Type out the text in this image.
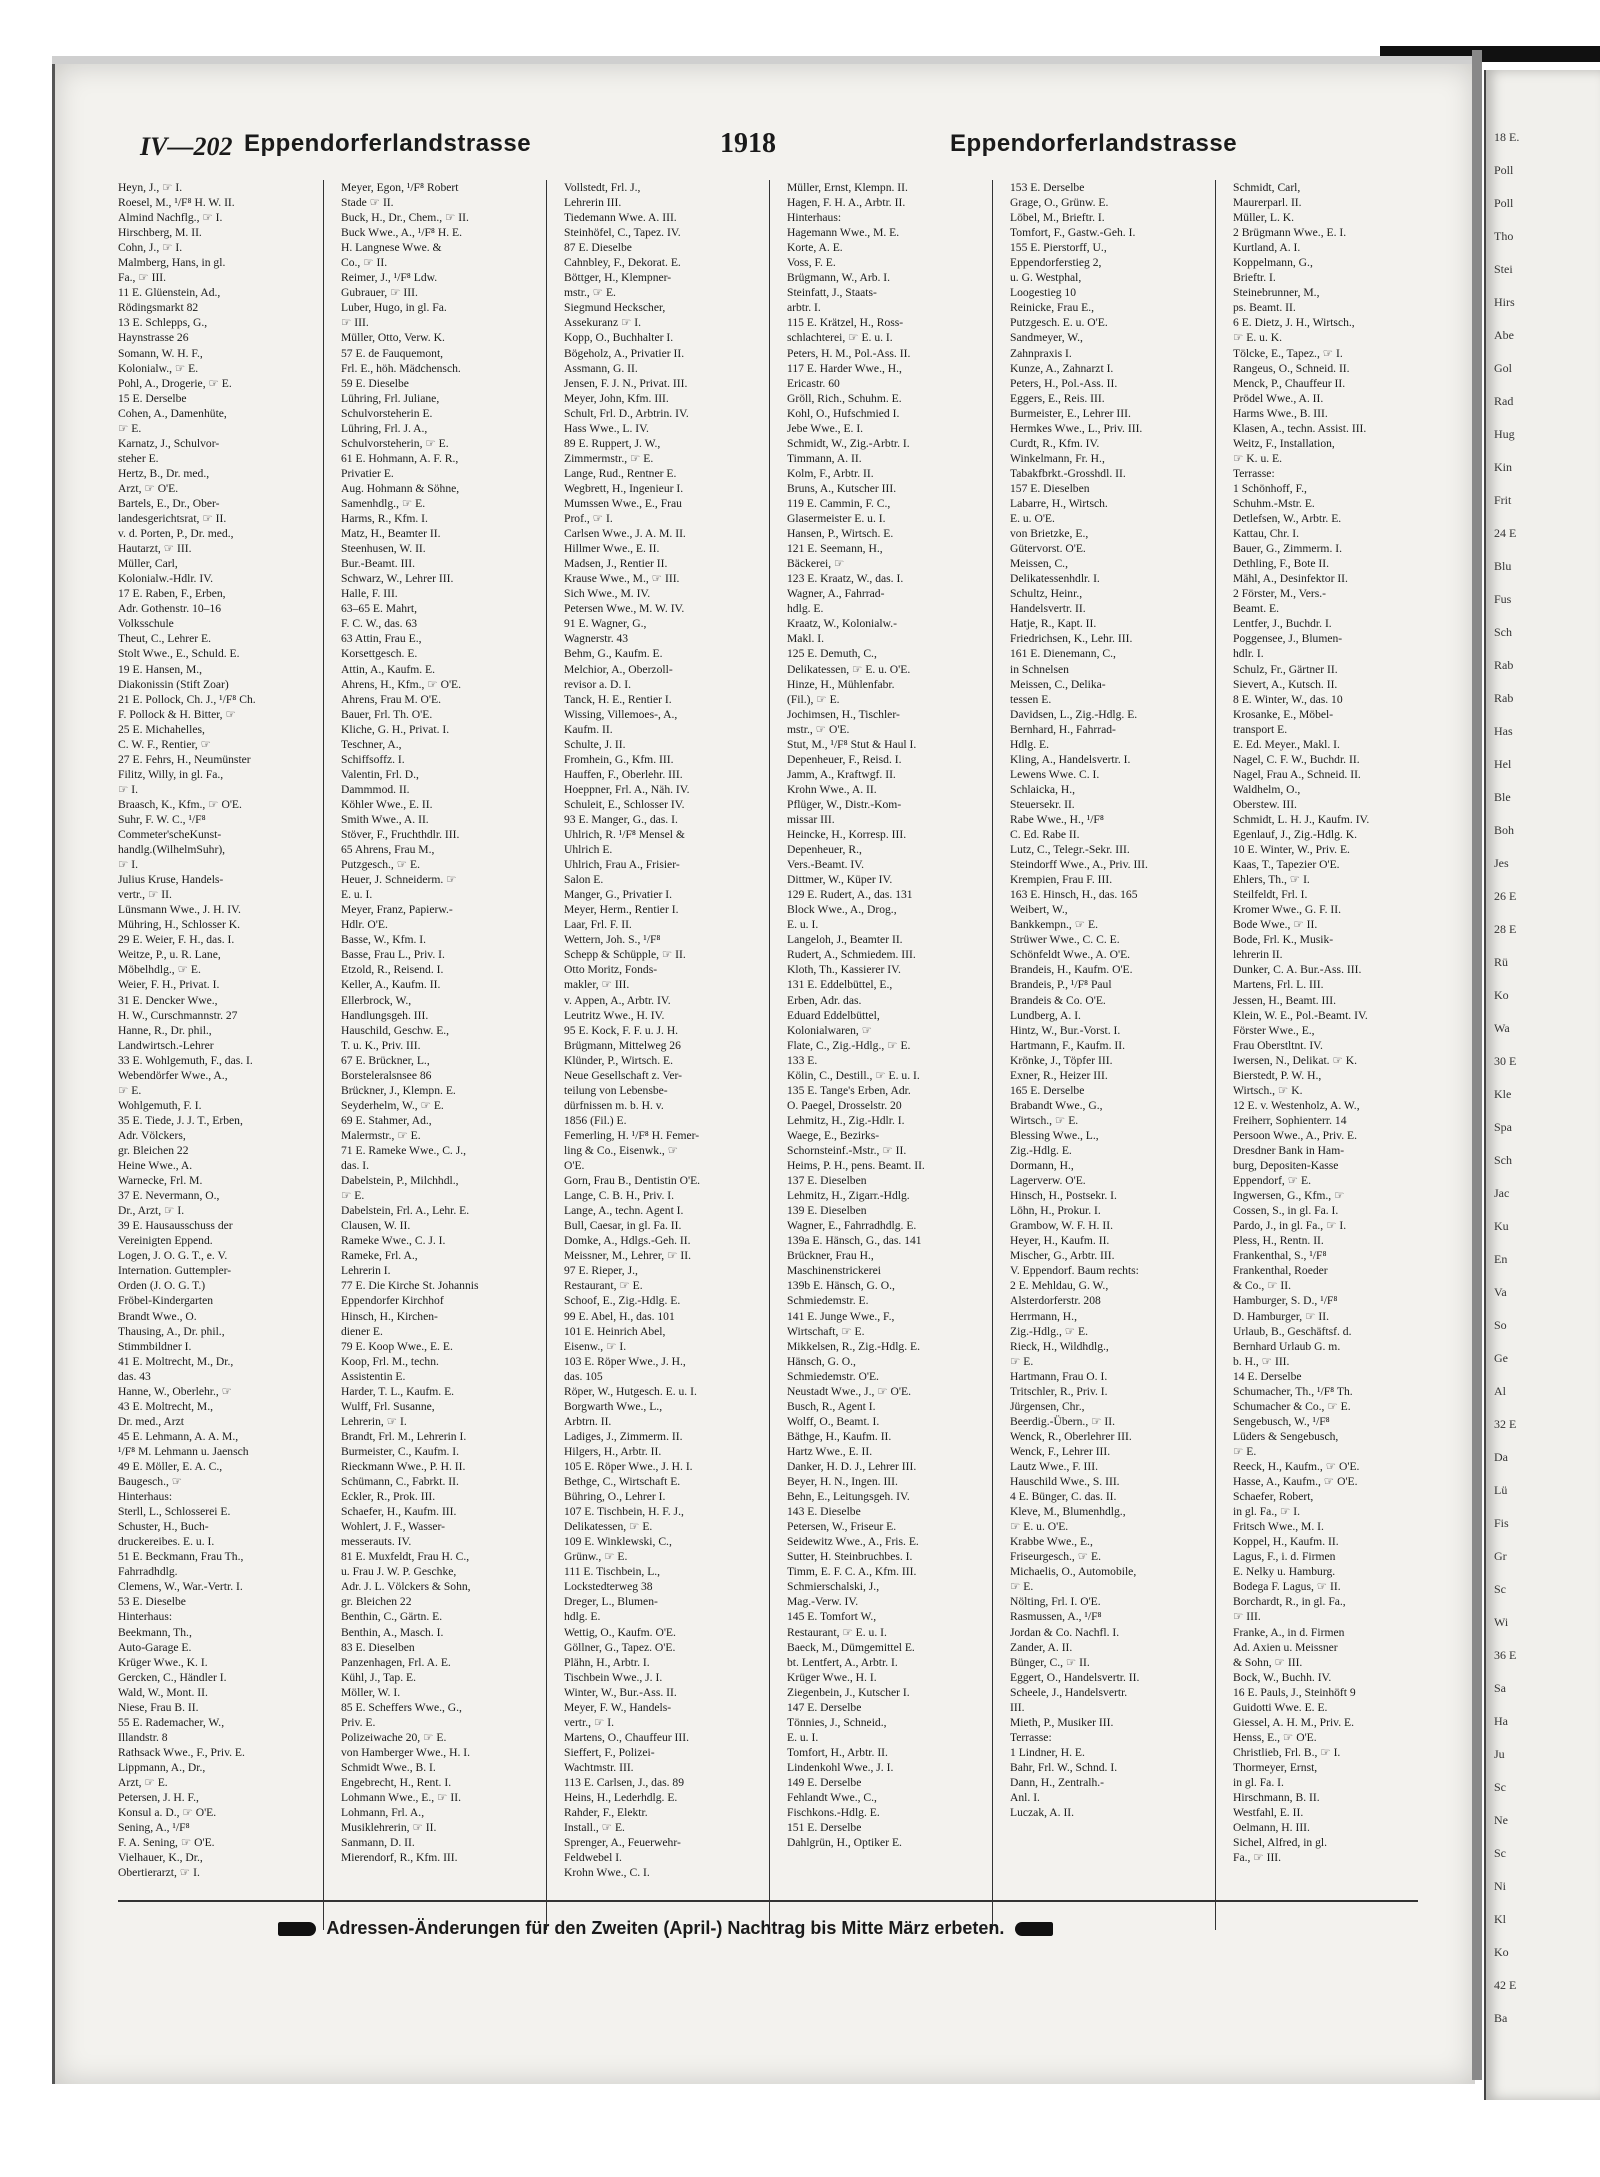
18 E.
Poll
Poll
Tho
Stei
Hirs
Abe
Gol
Rad
Hug
Kin
Frit
24 E
Blu
Fus
Sch
Rab
Rab
Has
Hel
Ble
Boh
Jes
26 E
28 E
Rü
Ko
Wa
30 E
Kle
Spa
Sch
Jac
Ku
En
Va
So
Ge
Al
32 E
Da
Lü
Fis
Gr
Sc
Wi
36 E
Sa
Ha
Ju
Sc
Ne
Sc
Ni
Kl
Ko
42 E
Ba
IV—202 Eppendorferlandstrasse	1918	Eppendorferlandstrasse
Heyn, J., ☞ I.
Roesel, M., ¹/F⁸ H. W. II.
Almind Nachflg., ☞ I.
Hirschberg, M. II.
Cohn, J., ☞ I.
Malmberg, Hans, in gl.
Fa., ☞ III.
11 E. Glüenstein, Ad.,
Rödingsmarkt 82
13 E. Schlepps, G.,
Haynstrasse 26
Somann, W. H. F.,
Kolonialw., ☞ E.
Pohl, A., Drogerie, ☞ E.
15 E. Derselbe
Cohen, A., Damenhüte,
☞ E.
Karnatz, J., Schulvor-
steher E.
Hertz, B., Dr. med.,
Arzt, ☞ O'E.
Bartels, E., Dr., Ober-
landesgerichtsrat, ☞ II.
v. d. Porten, P., Dr. med.,
Hautarzt, ☞ III.
Müller, Carl,
Kolonialw.-Hdlr. IV.
17 E. Raben, F., Erben,
Adr. Gothenstr. 10–16
Volksschule
Theut, C., Lehrer E.
Stolt Wwe., E., Schuld. E.
19 E. Hansen, M.,
Diakonissin (Stift Zoar)
21 E. Pollock, Ch. J., ¹/F⁸ Ch.
F. Pollock & H. Bitter, ☞
25 E. Michahelles,
C. W. F., Rentier, ☞
27 E. Fehrs, H., Neumünster
Filitz, Willy, in gl. Fa.,
☞ I.
Braasch, K., Kfm., ☞ O'E.
Suhr, F. W. C., ¹/F⁸
Commeter'scheKunst-
handlg.(WilhelmSuhr),
☞ I.
Julius Kruse, Handels-
vertr., ☞ II.
Lünsmann Wwe., J. H. IV.
Mühring, H., Schlosser K.
29 E. Weier, F. H., das. I.
Weitze, P., u. R. Lane,
Möbelhdlg., ☞ E.
Weier, F. H., Privat. I.
31 E. Dencker Wwe.,
H. W., Curschmannstr. 27
Hanne, R., Dr. phil.,
Landwirtsch.-Lehrer
33 E. Wohlgemuth, F., das. I.
Webendörfer Wwe., A.,
☞ E.
Wohlgemuth, F. I.
35 E. Tiede, J. J. T., Erben,
Adr. Völckers,
gr. Bleichen 22
Heine Wwe., A.
Warnecke, Frl. M.
37 E. Nevermann, O.,
Dr., Arzt, ☞ I.
39 E. Hausausschuss der
Vereinigten Eppend.
Logen, J. O. G. T., e. V.
Internation. Guttempler-
Orden (J. O. G. T.)
Fröbel-Kindergarten
Brandt Wwe., O.
Thausing, A., Dr. phil.,
Stimmbildner I.
41 E. Moltrecht, M., Dr.,
das. 43
Hanne, W., Oberlehr., ☞
43 E. Moltrecht, M.,
Dr. med., Arzt
45 E. Lehmann, A. A. M.,
¹/F⁸ M. Lehmann u. Jaensch
49 E. Möller, E. A. C.,
Baugesch., ☞
Hinterhaus:
Sterll, L., Schlosserei E.
Schuster, H., Buch-
druckereibes. E. u. I.
51 E. Beckmann, Frau Th.,
Fahrradhdlg.
Clemens, W., War.-Vertr. I.
53 E. Dieselbe
Hinterhaus:
Beekmann, Th.,
Auto-Garage E.
Krüger Wwe., K. I.
Gercken, C., Händler I.
Wald, W., Mont. II.
Niese, Frau B. II.
55 E. Rademacher, W.,
Illandstr. 8
Rathsack Wwe., F., Priv. E.
Lippmann, A., Dr.,
Arzt, ☞ E.
Petersen, J. H. F.,
Konsul a. D., ☞ O'E.
Sening, A., ¹/F⁸
F. A. Sening, ☞ O'E.
Vielhauer, K., Dr.,
Obertierarzt, ☞ I.
Meyer, Egon, ¹/F⁸ Robert
Stade ☞ II.
Buck, H., Dr., Chem., ☞ II.
Buck Wwe., A., ¹/F⁸ H. E.
H. Langnese Wwe. &
Co., ☞ II.
Reimer, J., ¹/F⁸ Ldw.
Gubrauer, ☞ III.
Luber, Hugo, in gl. Fa.
☞ III.
Müller, Otto, Verw. K.
57 E. de Fauquemont,
Frl. E., höh. Mädchensch.
59 E. Dieselbe
Lühring, Frl. Juliane,
Schulvorsteherin E.
Lühring, Frl. J. A.,
Schulvorsteherin, ☞ E.
61 E. Hohmann, A. F. R.,
Privatier E.
Aug. Hohmann & Söhne,
Samenhdlg., ☞ E.
Harms, R., Kfm. I.
Matz, H., Beamter II.
Steenhusen, W. II.
Bur.-Beamt. III.
Schwarz, W., Lehrer III.
Halle, F. III.
63–65 E. Mahrt,
F. C. W., das. 63
63 Attin, Frau E.,
Korsettgesch. E.
Attin, A., Kaufm. E.
Ahrens, H., Kfm., ☞ O'E.
Ahrens, Frau M. O'E.
Bauer, Frl. Th. O'E.
Kliche, G. H., Privat. I.
Teschner, A.,
Schiffsoffz. I.
Valentin, Frl. D.,
Dammmod. II.
Köhler Wwe., E. II.
Smith Wwe., A. II.
Stöver, F., Fruchthdlr. III.
65 Ahrens, Frau M.,
Putzgesch., ☞ E.
Heuer, J. Schneiderm. ☞
E. u. I.
Meyer, Franz, Papierw.-
Hdlr. O'E.
Basse, W., Kfm. I.
Basse, Frau L., Priv. I.
Etzold, R., Reisend. I.
Keller, A., Kaufm. II.
Ellerbrock, W.,
Handlungsgeh. III.
Hauschild, Geschw. E.,
T. u. K., Priv. III.
67 E. Brückner, L.,
Borsteleralsnsee 86
Brückner, J., Klempn. E.
Seyderhelm, W., ☞ E.
69 E. Stahmer, Ad.,
Malermstr., ☞ E.
71 E. Rameke Wwe., C. J.,
das. I.
Dabelstein, P., Milchhdl.,
☞ E.
Dabelstein, Frl. A., Lehr. E.
Clausen, W. II.
Rameke Wwe., C. J. I.
Rameke, Frl. A.,
Lehrerin I.
77 E. Die Kirche St. Johannis
Eppendorfer Kirchhof
Hinsch, H., Kirchen-
diener E.
79 E. Koop Wwe., E. E.
Koop, Frl. M., techn.
Assistentin E.
Harder, T. L., Kaufm. E.
Wulff, Frl. Susanne,
Lehrerin, ☞ I.
Brandt, Frl. M., Lehrerin I.
Burmeister, C., Kaufm. I.
Rieckmann Wwe., P. H. II.
Schümann, C., Fabrkt. II.
Eckler, R., Prok. III.
Schaefer, H., Kaufm. III.
Wohlert, J. F., Wasser-
messerauts. IV.
81 E. Muxfeldt, Frau H. C.,
u. Frau J. W. P. Geschke,
Adr. J. L. Völckers & Sohn,
gr. Bleichen 22
Benthin, C., Gärtn. E.
Benthin, A., Masch. I.
83 E. Dieselben
Panzenhagen, Frl. A. E.
Kühl, J., Tap. E.
Möller, W. I.
85 E. Scheffers Wwe., G.,
Priv. E.
Polizeiwache 20, ☞ E.
von Hamberger Wwe., H. I.
Schmidt Wwe., B. I.
Engebrecht, H., Rent. I.
Lohmann Wwe., E., ☞ II.
Lohmann, Frl. A.,
Musiklehrerin, ☞ II.
Sanmann, D. II.
Mierendorf, R., Kfm. III.
Vollstedt, Frl. J.,
Lehrerin III.
Tiedemann Wwe. A. III.
Steinhöfel, C., Tapez. IV.
87 E. Dieselbe
Cahnbley, F., Dekorat. E.
Böttger, H., Klempner-
mstr., ☞ E.
Siegmund Heckscher,
Assekuranz ☞ I.
Kopp, O., Buchhalter I.
Bögeholz, A., Privatier II.
Assmann, G. II.
Jensen, F. J. N., Privat. III.
Meyer, John, Kfm. III.
Schult, Frl. D., Arbtrin. IV.
Hass Wwe., L. IV.
89 E. Ruppert, J. W.,
Zimmermstr., ☞ E.
Lange, Rud., Rentner E.
Wegbrett, H., Ingenieur I.
Mumssen Wwe., E., Frau
Prof., ☞ I.
Carlsen Wwe., J. A. M. II.
Hillmer Wwe., E. II.
Madsen, J., Rentier II.
Krause Wwe., M., ☞ III.
Sich Wwe., M. IV.
Petersen Wwe., M. W. IV.
91 E. Wagner, G.,
Wagnerstr. 43
Behm, G., Kaufm. E.
Melchior, A., Oberzoll-
revisor a. D. I.
Tanck, H. E., Rentier I.
Wissing, Villemoes-, A.,
Kaufm. II.
Schulte, J. II.
Fromhein, G., Kfm. III.
Hauffen, F., Oberlehr. III.
Hoeppner, Frl. A., Näh. IV.
Schuleit, E., Schlosser IV.
93 E. Manger, G., das. I.
Uhlrich, R. ¹/F⁸ Mensel &
Uhlrich E.
Uhlrich, Frau A., Frisier-
Salon E.
Manger, G., Privatier I.
Meyer, Herm., Rentier I.
Laar, Frl. F. II.
Wettern, Joh. S., ¹/F⁸
Schepp & Schüpple, ☞ II.
Otto Moritz, Fonds-
makler, ☞ III.
v. Appen, A., Arbtr. IV.
Leutritz Wwe., H. IV.
95 E. Kock, F. F. u. J. H.
Brügmann, Mittelweg 26
Klünder, P., Wirtsch. E.
Neue Gesellschaft z. Ver-
teilung von Lebensbe-
dürfnissen m. b. H. v.
1856 (Fil.) E.
Femerling, H. ¹/F⁸ H. Femer-
ling & Co., Eisenwk., ☞
O'E.
Gorn, Frau B., Dentistin O'E.
Lange, C. B. H., Priv. I.
Lange, A., techn. Agent I.
Bull, Caesar, in gl. Fa. II.
Domke, A., Hdlgs.-Geh. II.
Meissner, M., Lehrer, ☞ II.
97 E. Rieper, J.,
Restaurant, ☞ E.
Schoof, E., Zig.-Hdlg. E.
99 E. Abel, H., das. 101
101 E. Heinrich Abel,
Eisenw., ☞ I.
103 E. Röper Wwe., J. H.,
das. 105
Röper, W., Hutgesch. E. u. I.
Borgwarth Wwe., L.,
Arbtrn. II.
Ladiges, J., Zimmerm. II.
Hilgers, H., Arbtr. II.
105 E. Röper Wwe., J. H. I.
Bethge, C., Wirtschaft E.
Bühring, O., Lehrer I.
107 E. Tischbein, H. F. J.,
Delikatessen, ☞ E.
109 E. Winklewski, C.,
Grünw., ☞ E.
111 E. Tischbein, L.,
Lockstedterweg 38
Dreger, L., Blumen-
hdlg. E.
Wettig, O., Kaufm. O'E.
Göllner, G., Tapez. O'E.
Plähn, H., Arbtr. I.
Tischbein Wwe., J. I.
Winter, W., Bur.-Ass. II.
Meyer, F. W., Handels-
vertr., ☞ I.
Martens, O., Chauffeur III.
Sieffert, F., Polizei-
Wachtmstr. III.
113 E. Carlsen, J., das. 89
Heins, H., Lederhdlg. E.
Rahder, F., Elektr.
Install., ☞ E.
Sprenger, A., Feuerwehr-
Feldwebel I.
Krohn Wwe., C. I.
Müller, Ernst, Klempn. II.
Hagen, F. H. A., Arbtr. II.
Hinterhaus:
Hagemann Wwe., M. E.
Korte, A. E.
Voss, F. E.
Brügmann, W., Arb. I.
Steinfatt, J., Staats-
arbtr. I.
115 E. Krätzel, H., Ross-
schlachterei, ☞ E. u. I.
Peters, H. M., Pol.-Ass. II.
117 E. Harder Wwe., H.,
Ericastr. 60
Gröll, Rich., Schuhm. E.
Kohl, O., Hufschmied I.
Jebe Wwe., E. I.
Schmidt, W., Zig.-Arbtr. I.
Timmann, A. II.
Kolm, F., Arbtr. II.
Bruns, A., Kutscher III.
119 E. Cammin, F. C.,
Glasermeister E. u. I.
Hansen, P., Wirtsch. E.
121 E. Seemann, H.,
Bäckerei, ☞
123 E. Kraatz, W., das. I.
Wagner, A., Fahrrad-
hdlg. E.
Kraatz, W., Kolonialw.-
Makl. I.
125 E. Demuth, C.,
Delikatessen, ☞ E. u. O'E.
Hinze, H., Mühlenfabr.
(Fil.), ☞ E.
Jochimsen, H., Tischler-
mstr., ☞ O'E.
Stut, M., ¹/F⁸ Stut & Haul I.
Depenheuer, F., Reisd. I.
Jamm, A., Kraftwgf. II.
Krohn Wwe., A. II.
Pflüger, W., Distr.-Kom-
missar III.
Heincke, H., Korresp. III.
Depenheuer, R.,
Vers.-Beamt. IV.
Dittmer, W., Küper IV.
129 E. Rudert, A., das. 131
Block Wwe., A., Drog.,
E. u. I.
Langeloh, J., Beamter II.
Rudert, A., Schmiedem. III.
Kloth, Th., Kassierer IV.
131 E. Eddelbüttel, E.,
Erben, Adr. das.
Eduard Eddelbüttel,
Kolonialwaren, ☞
Flate, C., Zig.-Hdlg., ☞ E.
133 E.
Kölin, C., Destill., ☞ E. u. I.
135 E. Tange's Erben, Adr.
O. Paegel, Drosselstr. 20
Lehmitz, H., Zig.-Hdlr. I.
Waege, E., Bezirks-
Schornsteinf.-Mstr., ☞ II.
Heims, P. H., pens. Beamt. II.
137 E. Dieselben
Lehmitz, H., Zigarr.-Hdlg.
139 E. Dieselben
Wagner, E., Fahrradhdlg. E.
139a E. Hänsch, G., das. 141
Brückner, Frau H.,
Maschinenstrickerei
139b E. Hänsch, G. O.,
Schmiedemstr. E.
141 E. Junge Wwe., F.,
Wirtschaft, ☞ E.
Mikkelsen, R., Zig.-Hdlg. E.
Hänsch, G. O.,
Schmiedemstr. O'E.
Neustadt Wwe., J., ☞ O'E.
Busch, R., Agent I.
Wolff, O., Beamt. I.
Bäthge, H., Kaufm. II.
Hartz Wwe., E. II.
Danker, H. D. J., Lehrer III.
Beyer, H. N., Ingen. III.
Behn, E., Leitungsgeh. IV.
143 E. Dieselbe
Petersen, W., Friseur E.
Seidewitz Wwe., A., Fris. E.
Sutter, H. Steinbruchbes. I.
Timm, E. F. C. A., Kfm. III.
Schmierschalski, J.,
Mag.-Verw. IV.
145 E. Tomfort W.,
Restaurant, ☞ E. u. I.
Baeck, M., Dümgemittel E.
bt. Lentfert, A., Arbtr. I.
Krüger Wwe., H. I.
Ziegenbein, J., Kutscher I.
147 E. Derselbe
Tönnies, J., Schneid.,
E. u. I.
Tomfort, H., Arbtr. II.
Lindenkohl Wwe., J. I.
149 E. Derselbe
Fehlandt Wwe., C.,
Fischkons.-Hdlg. E.
151 E. Derselbe
Dahlgrün, H., Optiker E.
153 E. Derselbe
Grage, O., Grünw. E.
Löbel, M., Brieftr. I.
Tomfort, F., Gastw.-Geh. I.
155 E. Pierstorff, U.,
Eppendorferstieg 2,
u. G. Westphal,
Loogestieg 10
Reinicke, Frau E.,
Putzgesch. E. u. O'E.
Sandmeyer, W.,
Zahnpraxis I.
Kunze, A., Zahnarzt I.
Peters, H., Pol.-Ass. II.
Eggers, E., Reis. III.
Burmeister, E., Lehrer III.
Hermkes Wwe., L., Priv. III.
Curdt, R., Kfm. IV.
Winkelmann, Fr. H.,
Tabakfbrkt.-Grosshdl. II.
157 E. Dieselben
Labarre, H., Wirtsch.
E. u. O'E.
von Brietzke, E.,
Gütervorst. O'E.
Meissen, C.,
Delikatessenhdlr. I.
Schultz, Heinr.,
Handelsvertr. II.
Hatje, R., Kapt. II.
Friedrichsen, K., Lehr. III.
161 E. Dienemann, C.,
in Schnelsen
Meissen, C., Delika-
tessen E.
Davidsen, L., Zig.-Hdlg. E.
Bernhard, H., Fahrrad-
Hdlg. E.
Kling, A., Handelsvertr. I.
Lewens Wwe. C. I.
Schlaicka, H.,
Steuersekr. II.
Rabe Wwe., H., ¹/F⁸
C. Ed. Rabe II.
Lutz, C., Telegr.-Sekr. III.
Steindorff Wwe., A., Priv. III.
Krempien, Frau F. III.
163 E. Hinsch, H., das. 165
Weibert, W.,
Bankkempn., ☞ E.
Strüwer Wwe., C. C. E.
Schönfeldt Wwe., A. O'E.
Brandeis, H., Kaufm. O'E.
Brandeis, P., ¹/F⁸ Paul
Brandeis & Co. O'E.
Lundberg, A. I.
Hintz, W., Bur.-Vorst. I.
Hartmann, F., Kaufm. II.
Krönke, J., Töpfer III.
Exner, R., Heizer III.
165 E. Derselbe
Brabandt Wwe., G.,
Wirtsch., ☞ E.
Blessing Wwe., L.,
Zig.-Hdlg. E.
Dormann, H.,
Lagerverw. O'E.
Hinsch, H., Postsekr. I.
Löhn, H., Prokur. I.
Grambow, W. F. H. II.
Heyer, H., Kaufm. II.
Mischer, G., Arbtr. III.
V. Eppendorf. Baum rechts:
2 E. Mehldau, G. W.,
Alsterdorferstr. 208
Herrmann, H.,
Zig.-Hdlg., ☞ E.
Rieck, H., Wildhdlg.,
☞ E.
Hartmann, Frau O. I.
Tritschler, R., Priv. I.
Jürgensen, Chr.,
Beerdig.-Übern., ☞ II.
Wenck, R., Oberlehrer III.
Wenck, F., Lehrer III.
Lautz Wwe., F. III.
Hauschild Wwe., S. III.
4 E. Bünger, C. das. II.
Kleve, M., Blumenhdlg.,
☞ E. u. O'E.
Krabbe Wwe., E.,
Friseurgesch., ☞ E.
Michaelis, O., Automobile,
☞ E.
Nölting, Frl. I. O'E.
Rasmussen, A., ¹/F⁸
Jordan & Co. Nachfl. I.
Zander, A. II.
Bünger, C., ☞ II.
Eggert, O., Handelsvertr. II.
Scheele, J., Handelsvertr.
III.
Mieth, P., Musiker III.
Terrasse:
1 Lindner, H. E.
Bahr, Frl. W., Schnd. I.
Dann, H., Zentralh.-
Anl. I.
Luczak, A. II.
Schmidt, Carl,
Maurerparl. II.
Müller, L. K.
2 Brügmann Wwe., E. I.
Kurtland, A. I.
Koppelmann, G.,
Brieftr. I.
Steinebrunner, M.,
ps. Beamt. II.
6 E. Dietz, J. H., Wirtsch.,
☞ E. u. K.
Tölcke, E., Tapez., ☞ I.
Rangeus, O., Schneid. II.
Menck, P., Chauffeur II.
Prödel Wwe., A. II.
Harms Wwe., B. III.
Klasen, A., techn. Assist. III.
Weitz, F., Installation,
☞ K. u. E.
Terrasse:
1 Schönhoff, F.,
Schuhm.-Mstr. E.
Detlefsen, W., Arbtr. E.
Kattau, Chr. I.
Bauer, G., Zimmerm. I.
Dethling, F., Bote II.
Mähl, A., Desinfektor II.
2 Förster, M., Vers.-
Beamt. E.
Lentfer, J., Buchdr. I.
Poggensee, J., Blumen-
hdlr. I.
Schulz, Fr., Gärtner II.
Sievert, A., Kutsch. II.
8 E. Winter, W., das. 10
Krosanke, E., Möbel-
transport E.
E. Ed. Meyer., Makl. I.
Nagel, C. F. W., Buchdr. II.
Nagel, Frau A., Schneid. II.
Waldhelm, O.,
Oberstew. III.
Schmidt, L. H. J., Kaufm. IV.
Egenlauf, J., Zig.-Hdlg. K.
10 E. Winter, W., Priv. E.
Kaas, T., Tapezier O'E.
Ehlers, Th., ☞ I.
Steilfeldt, Frl. I.
Kromer Wwe., G. F. II.
Bode Wwe., ☞ II.
Bode, Frl. K., Musik-
lehrerin II.
Dunker, C. A. Bur.-Ass. III.
Martens, Frl. L. III.
Jessen, H., Beamt. III.
Klein, W. E., Pol.-Beamt. IV.
Förster Wwe., E.,
Frau Oberstltnt. IV.
Iwersen, N., Delikat. ☞ K.
Bierstedt, P. W. H.,
Wirtsch., ☞ K.
12 E. v. Westenholz, A. W.,
Freiherr, Sophienterr. 14
Persoon Wwe., A., Priv. E.
Dresdner Bank in Ham-
burg, Depositen-Kasse
Eppendorf, ☞ E.
Ingwersen, G., Kfm., ☞
Cossen, S., in gl. Fa. I.
Pardo, J., in gl. Fa., ☞ I.
Pless, H., Rentn. II.
Frankenthal, S., ¹/F⁸
Frankenthal, Roeder
& Co., ☞ II.
Hamburger, S. D., ¹/F⁸
D. Hamburger, ☞ II.
Urlaub, B., Geschäftsf. d.
Bernhard Urlaub G. m.
b. H., ☞ III.
14 E. Derselbe
Schumacher, Th., ¹/F⁸ Th.
Schumacher & Co., ☞ E.
Sengebusch, W., ¹/F⁸
Lüders & Sengebusch,
☞ E.
Reeck, H., Kaufm., ☞ O'E.
Hasse, A., Kaufm., ☞ O'E.
Schaefer, Robert,
in gl. Fa., ☞ I.
Fritsch Wwe., M. I.
Koppel, H., Kaufm. II.
Lagus, F., i. d. Firmen
E. Nelky u. Hamburg.
Bodega F. Lagus, ☞ II.
Borchardt, R., in gl. Fa.,
☞ III.
Franke, A., in d. Firmen
Ad. Axien u. Meissner
& Sohn, ☞ III.
Bock, W., Buchh. IV.
16 E. Pauls, J., Steinhöft 9
Guidotti Wwe. E. E.
Giessel, A. H. M., Priv. E.
Henss, E., ☞ O'E.
Christlieb, Frl. B., ☞ I.
Thormeyer, Ernst,
in gl. Fa. I.
Hirschmann, B. II.
Westfahl, E. II.
Oelmann, H. III.
Sichel, Alfred, in gl.
Fa., ☞ III.
Adressen-Änderungen für den Zweiten (April-) Nachtrag bis Mitte März erbeten.
